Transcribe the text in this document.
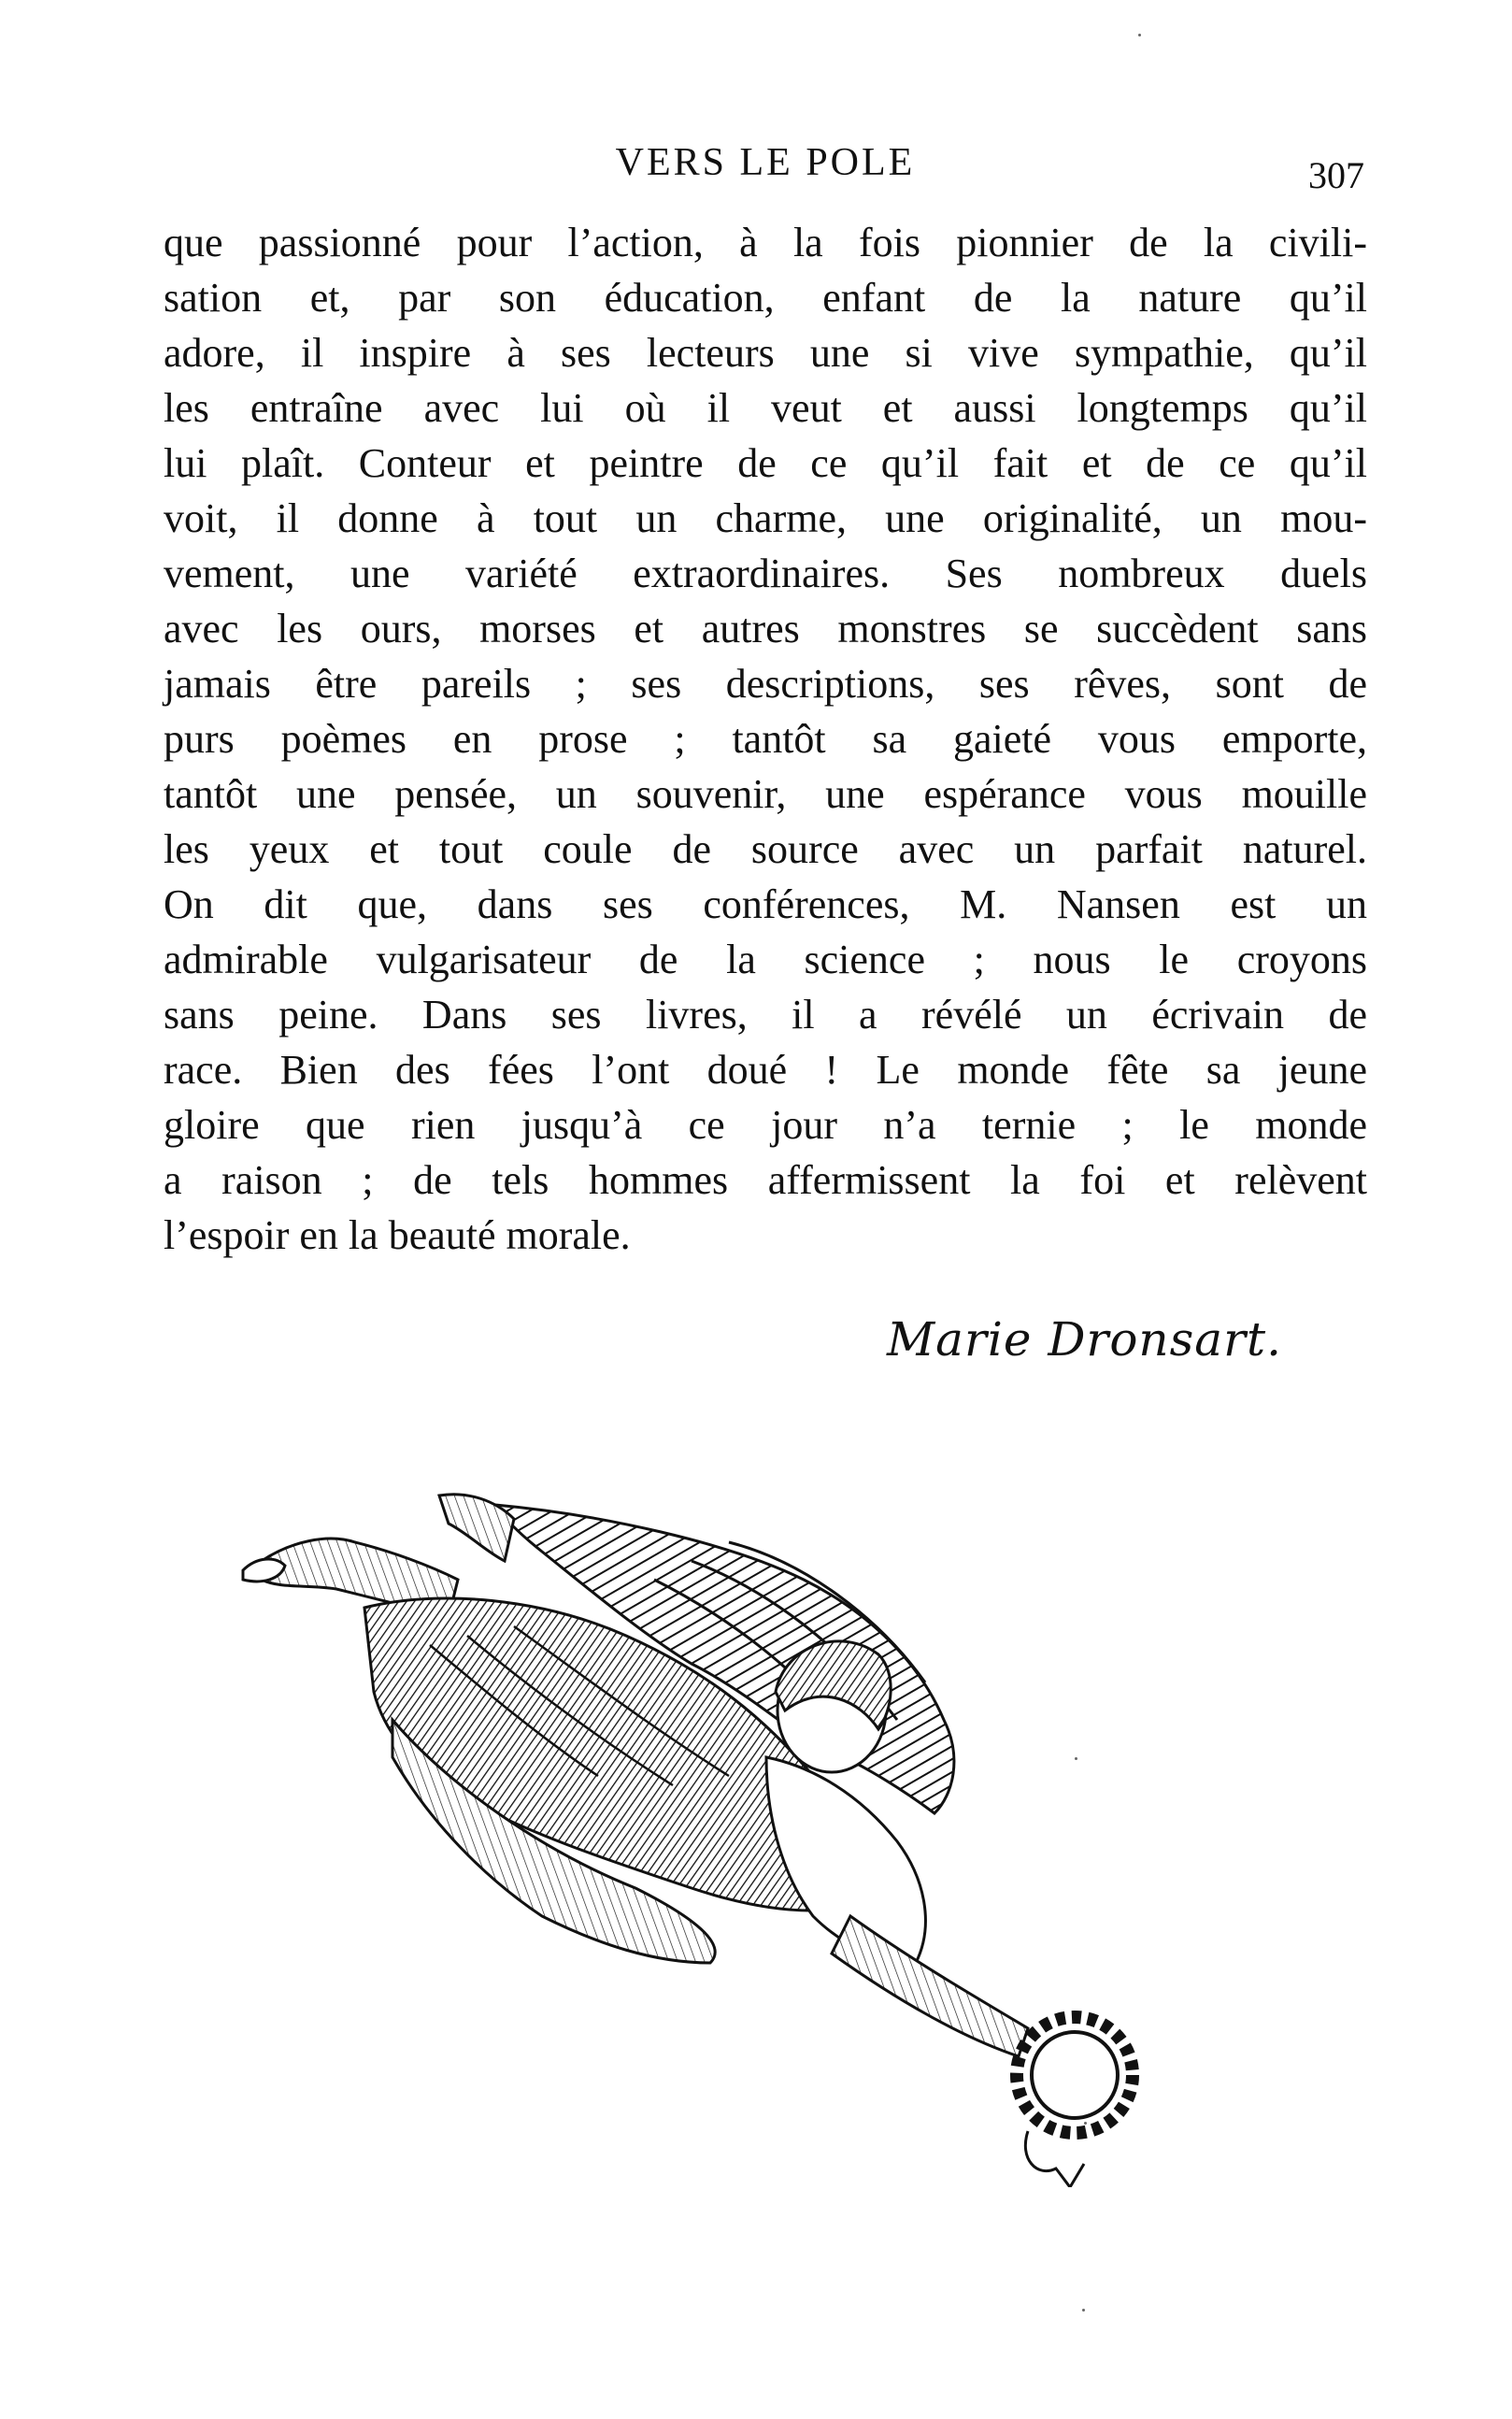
VERS LE POLE	307
que passionné pour l’action, à la fois pionnier de la civili-
sation et, par son éducation, enfant de la nature qu’il
adore, il inspire à ses lecteurs une si vive sympathie, qu’il
les entraîne avec lui où il veut et aussi longtemps qu’il
lui plaît. Conteur et peintre de ce qu’il fait et de ce qu’il
voit, il donne à tout un charme, une originalité, un mou-
vement, une variété extraordinaires. Ses nombreux duels
avec les ours, morses et autres monstres se succèdent sans
jamais être pareils ; ses descriptions, ses rêves, sont de
purs poèmes en prose ; tantôt sa gaieté vous emporte,
tantôt une pensée, un souvenir, une espérance vous mouille
les yeux et tout coule de source avec un parfait naturel.
On dit que, dans ses conférences, M. Nansen est un
admirable vulgarisateur de la science ; nous le croyons
sans peine. Dans ses livres, il a révélé un écrivain de
race. Bien des fées l’ont doué ! Le monde fête sa jeune
gloire que rien jusqu’à ce jour n’a ternie ; le monde
a raison ; de tels hommes affermissent la foi et relèvent
l’espoir en la beauté morale.
Marie Dronsart.
